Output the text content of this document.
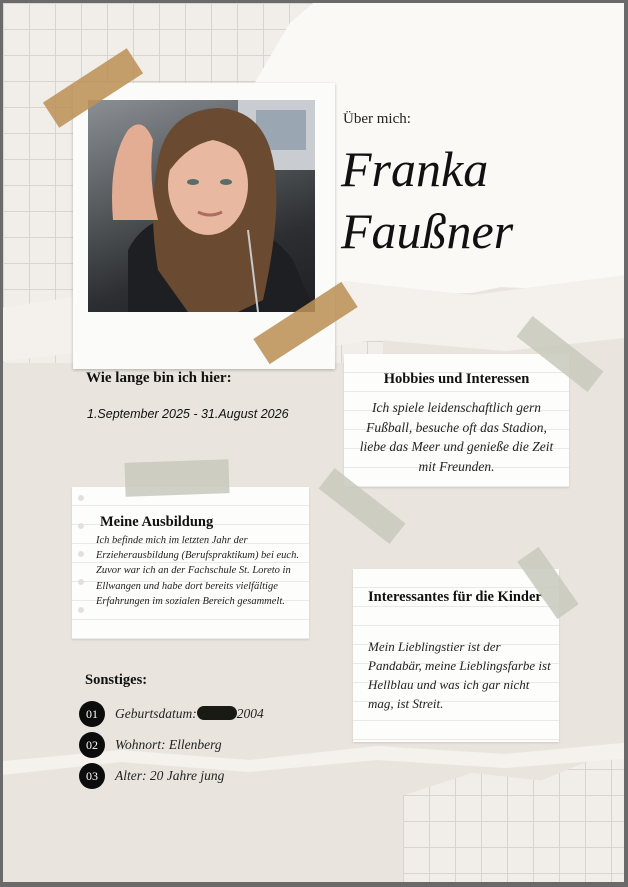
Über mich:
Franka
Faußner
Wie lange bin ich hier:
1.September 2025 - 31.August 2026
Hobbies und Interessen
Ich spiele leidenschaftlich gern Fußball, besuche oft das Stadion, liebe das Meer und genieße die Zeit mit Freunden.
Meine Ausbildung
Ich befinde mich im letzten Jahr der Erzieherausbildung (Berufspraktikum) bei euch. Zuvor war ich an der Fachschule St. Loreto in Ellwangen und habe dort bereits vielfältige Erfahrungen im sozialen Bereich gesammelt.	Interessantes für die Kinder
Mein Lieblingstier ist der Pandabär, meine Lieblingsfarbe ist Hellblau und was ich gar nicht mag, ist Streit.
Sonstiges:
01	Geburtsdatum:	2004
02	Wohnort: Ellenberg
03	Alter: 20 Jahre jung
